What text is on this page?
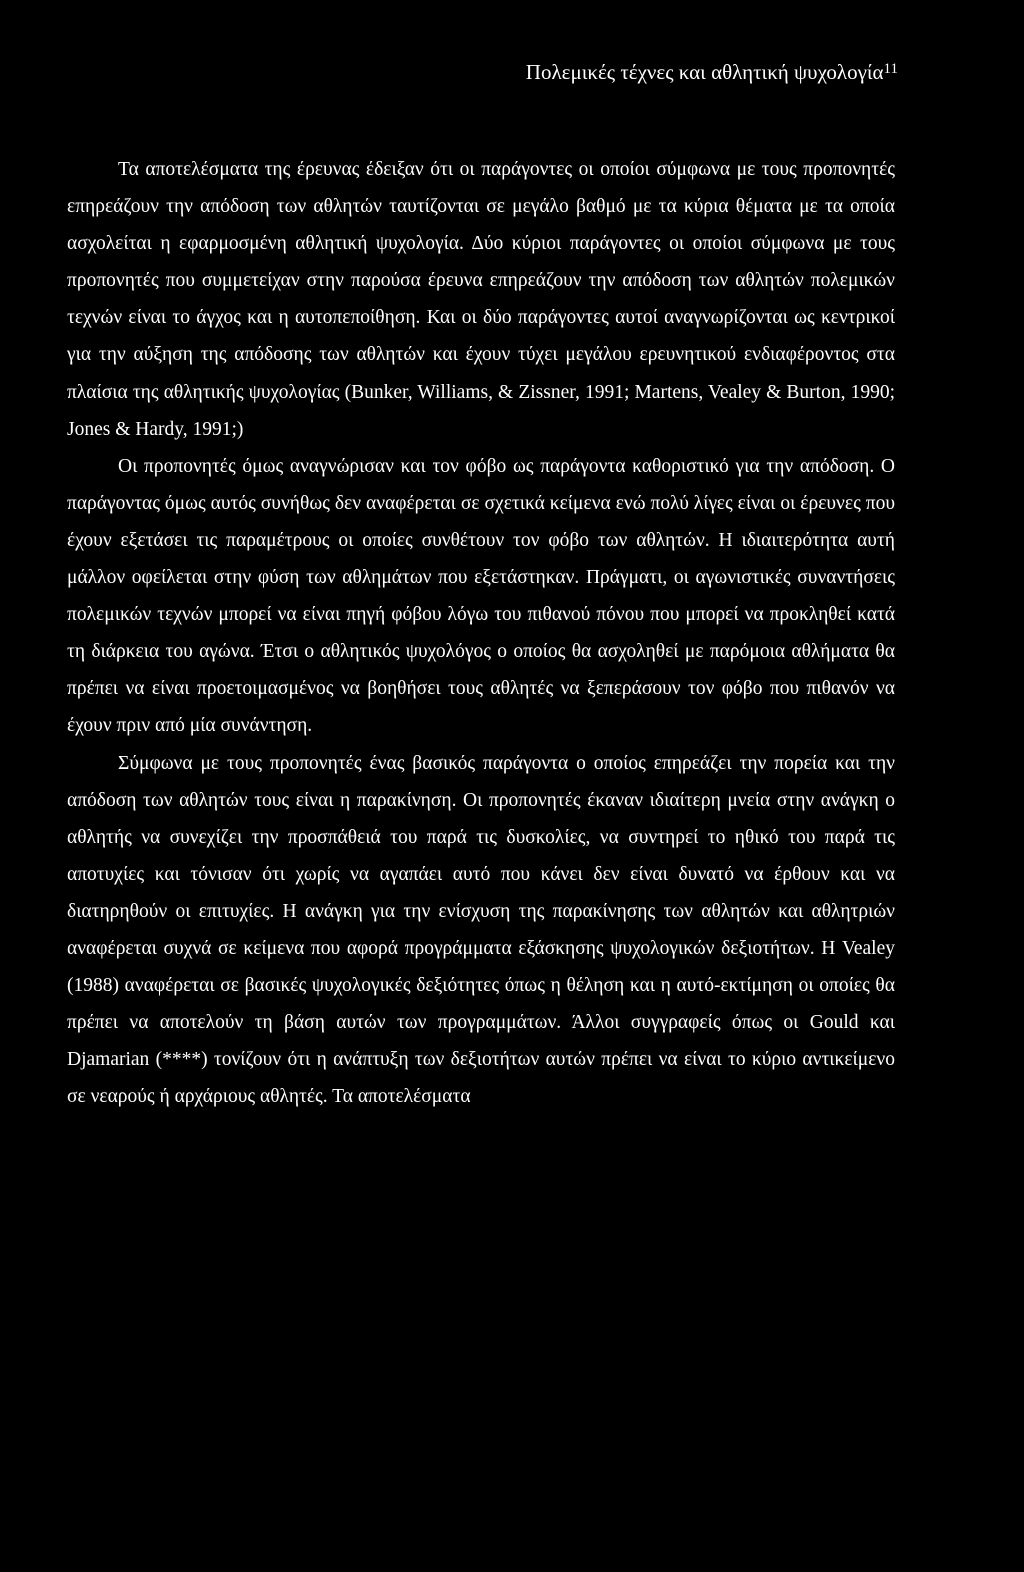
Πολεμικές τέχνες και αθλητική ψυχολογία$^{11}$

Τα αποτελέσματα της έρευνας έδειξαν ότι οι παράγοντες οι οποίοι σύμφωνα με τους προπονητές επηρεάζουν την απόδοση των αθλητών ταυτίζονται σε μεγάλο βαθμό με τα κύρια θέματα με τα οποία ασχολείται η εφαρμοσμένη αθλητική ψυχολογία. Δύο κύριοι παράγοντες οι οποίοι σύμφωνα με τους προπονητές που συμμετείχαν στην παρούσα έρευνα επηρεάζουν την απόδοση των αθλητών πολεμικών τεχνών είναι το άγχος και η αυτοπεποίθηση. Και οι δύο παράγοντες αυτοί αναγνωρίζονται ως κεντρικοί για την αύξηση της απόδοσης των αθλητών και έχουν τύχει μεγάλου ερευνητικού ενδιαφέροντος στα πλαίσια της αθλητικής ψυχολογίας (Bunker, Williams, & Zissner, 1991; Martens, Vealey & Burton, 1990; Jones & Hardy, 1991;)

Οι προπονητές όμως αναγνώρισαν και τον φόβο ως παράγοντα καθοριστικό για την απόδοση. Ο παράγοντας όμως αυτός συνήθως δεν αναφέρεται σε σχετικά κείμενα ενώ πολύ λίγες είναι οι έρευνες που έχουν εξετάσει τις παραμέτρους οι οποίες συνθέτουν τον φόβο των αθλητών. Η ιδιαιτερότητα αυτή μάλλον οφείλεται στην φύση των αθλημάτων που εξετάστηκαν. Πράγματι, οι αγωνιστικές συναντήσεις πολεμικών τεχνών μπορεί να είναι πηγή φόβου λόγω του πιθανού πόνου που μπορεί να προκληθεί κατά τη διάρκεια του αγώνα. Έτσι ο αθλητικός ψυχολόγος ο οποίος θα ασχοληθεί με παρόμοια αθλήματα θα πρέπει να είναι προετοιμασμένος να βοηθήσει τους αθλητές να ξεπεράσουν τον φόβο που πιθανόν να έχουν πριν από μία συνάντηση.

Σύμφωνα με τους προπονητές ένας βασικός παράγοντα ο οποίος επηρεάζει την πορεία και την απόδοση των αθλητών τους είναι η παρακίνηση. Οι προπονητές έκαναν ιδιαίτερη μνεία στην ανάγκη ο αθλητής να συνεχίζει την προσπάθειά του παρά τις δυσκολίες, να συντηρεί το ηθικό του παρά τις αποτυχίες και τόνισαν ότι χωρίς να αγαπάει αυτό που κάνει δεν είναι δυνατό να έρθουν και να διατηρηθούν οι επιτυχίες. Η ανάγκη για την ενίσχυση της παρακίνησης των αθλητών και αθλητριών αναφέρεται συχνά σε κείμενα που αφορά προγράμματα εξάσκησης ψυχολογικών δεξιοτήτων. Η Vealey (1988) αναφέρεται σε βασικές ψυχολογικές δεξιότητες όπως η θέληση και η αυτό-εκτίμηση οι οποίες θα πρέπει να αποτελούν τη βάση αυτών των προγραμμάτων. Άλλοι συγγραφείς όπως οι Gould και Djamarian (****) τονίζουν ότι η ανάπτυξη των δεξιοτήτων αυτών πρέπει να είναι το κύριο αντικείμενο σε νεαρούς ή αρχάριους αθλητές. Τα αποτελέσματα
